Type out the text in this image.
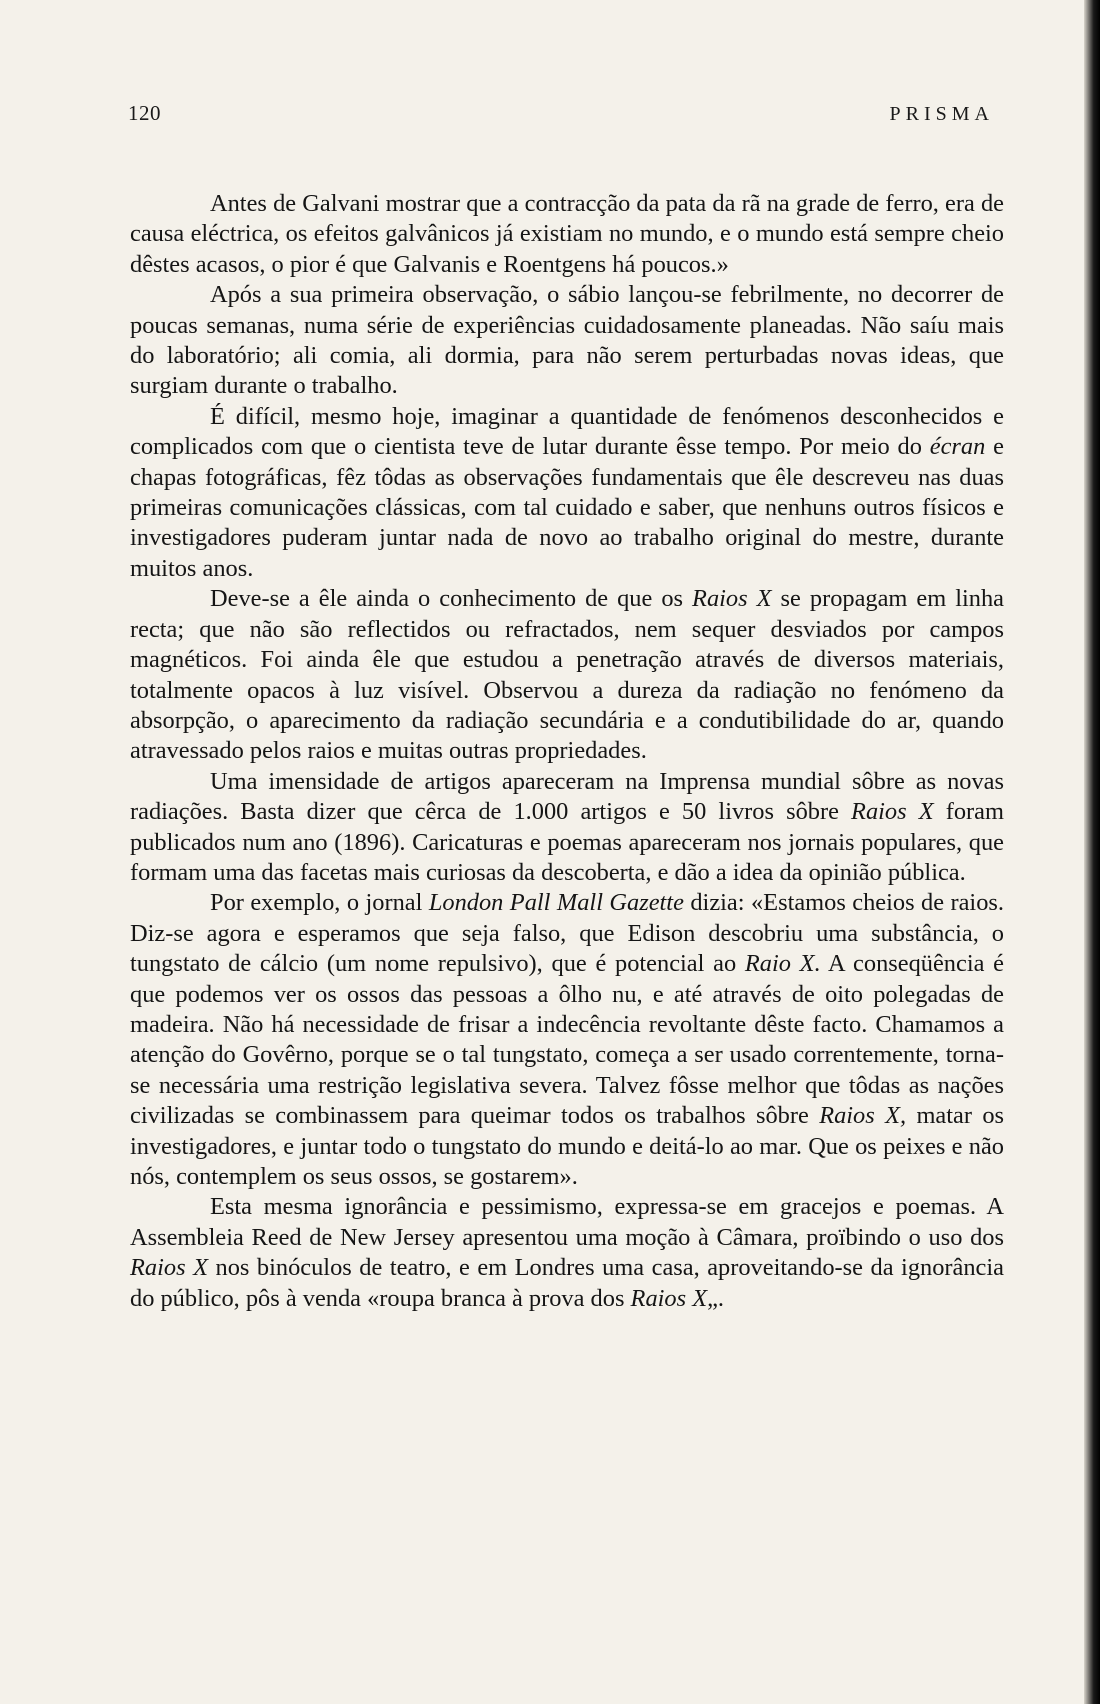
120	PRISMA

Antes de Galvani mostrar que a contracção da pata da rã na grade de ferro, era de causa eléctrica, os efeitos galvânicos já existiam no mundo, e o mundo está sempre cheio dêstes acasos, o pior é que Galvanis e Roentgens há poucos.»

Após a sua primeira observação, o sábio lançou-se febrilmente, no decorrer de poucas semanas, numa série de experiências cuidadosamente planeadas. Não saíu mais do laboratório; ali comia, ali dormia, para não serem perturbadas novas ideas, que surgiam durante o trabalho.

É difícil, mesmo hoje, imaginar a quantidade de fenómenos desconhecidos e complicados com que o cientista teve de lutar durante êsse tempo. Por meio do écran e chapas fotográficas, fêz tôdas as observações fundamentais que êle descreveu nas duas primeiras comunicações clássicas, com tal cuidado e saber, que nenhuns outros físicos e investigadores puderam juntar nada de novo ao trabalho original do mestre, durante muitos anos.

Deve-se a êle ainda o conhecimento de que os Raios X se propagam em linha recta; que não são reflectidos ou refractados, nem sequer desviados por campos magnéticos. Foi ainda êle que estudou a penetração através de diversos materiais, totalmente opacos à luz visível. Observou a dureza da radiação no fenómeno da absorpção, o aparecimento da radiação secundária e a condutibilidade do ar, quando atravessado pelos raios e muitas outras propriedades.

Uma imensidade de artigos apareceram na Imprensa mundial sôbre as novas radiações. Basta dizer que cêrca de 1.000 artigos e 50 livros sôbre Raios X foram publicados num ano (1896). Caricaturas e poemas apareceram nos jornais populares, que formam uma das facetas mais curiosas da descoberta, e dão a idea da opinião pública.

Por exemplo, o jornal London Pall Mall Gazette dizia: «Estamos cheios de raios. Diz-se agora e esperamos que seja falso, que Edison descobriu uma substância, o tungstato de cálcio (um nome repulsivo), que é potencial ao Raio X. A conseqüência é que podemos ver os ossos das pessoas a ôlho nu, e até através de oito polegadas de madeira. Não há necessidade de frisar a indecência revoltante dêste facto. Chamamos a atenção do Govêrno, porque se o tal tungstato, começa a ser usado correntemente, torna-se necessária uma restrição legislativa severa. Talvez fôsse melhor que tôdas as nações civilizadas se combinassem para queimar todos os trabalhos sôbre Raios X, matar os investigadores, e juntar todo o tungstato do mundo e deitá-lo ao mar. Que os peixes e não nós, contemplem os seus ossos, se gostarem».

Esta mesma ignorância e pessimismo, expressa-se em gracejos e poemas. A Assembleia Reed de New Jersey apresentou uma moção à Câmara, proïbindo o uso dos Raios X nos binóculos de teatro, e em Londres uma casa, aproveitando-se da ignorância do público, pôs à venda «roupa branca à prova dos Raios X„.
